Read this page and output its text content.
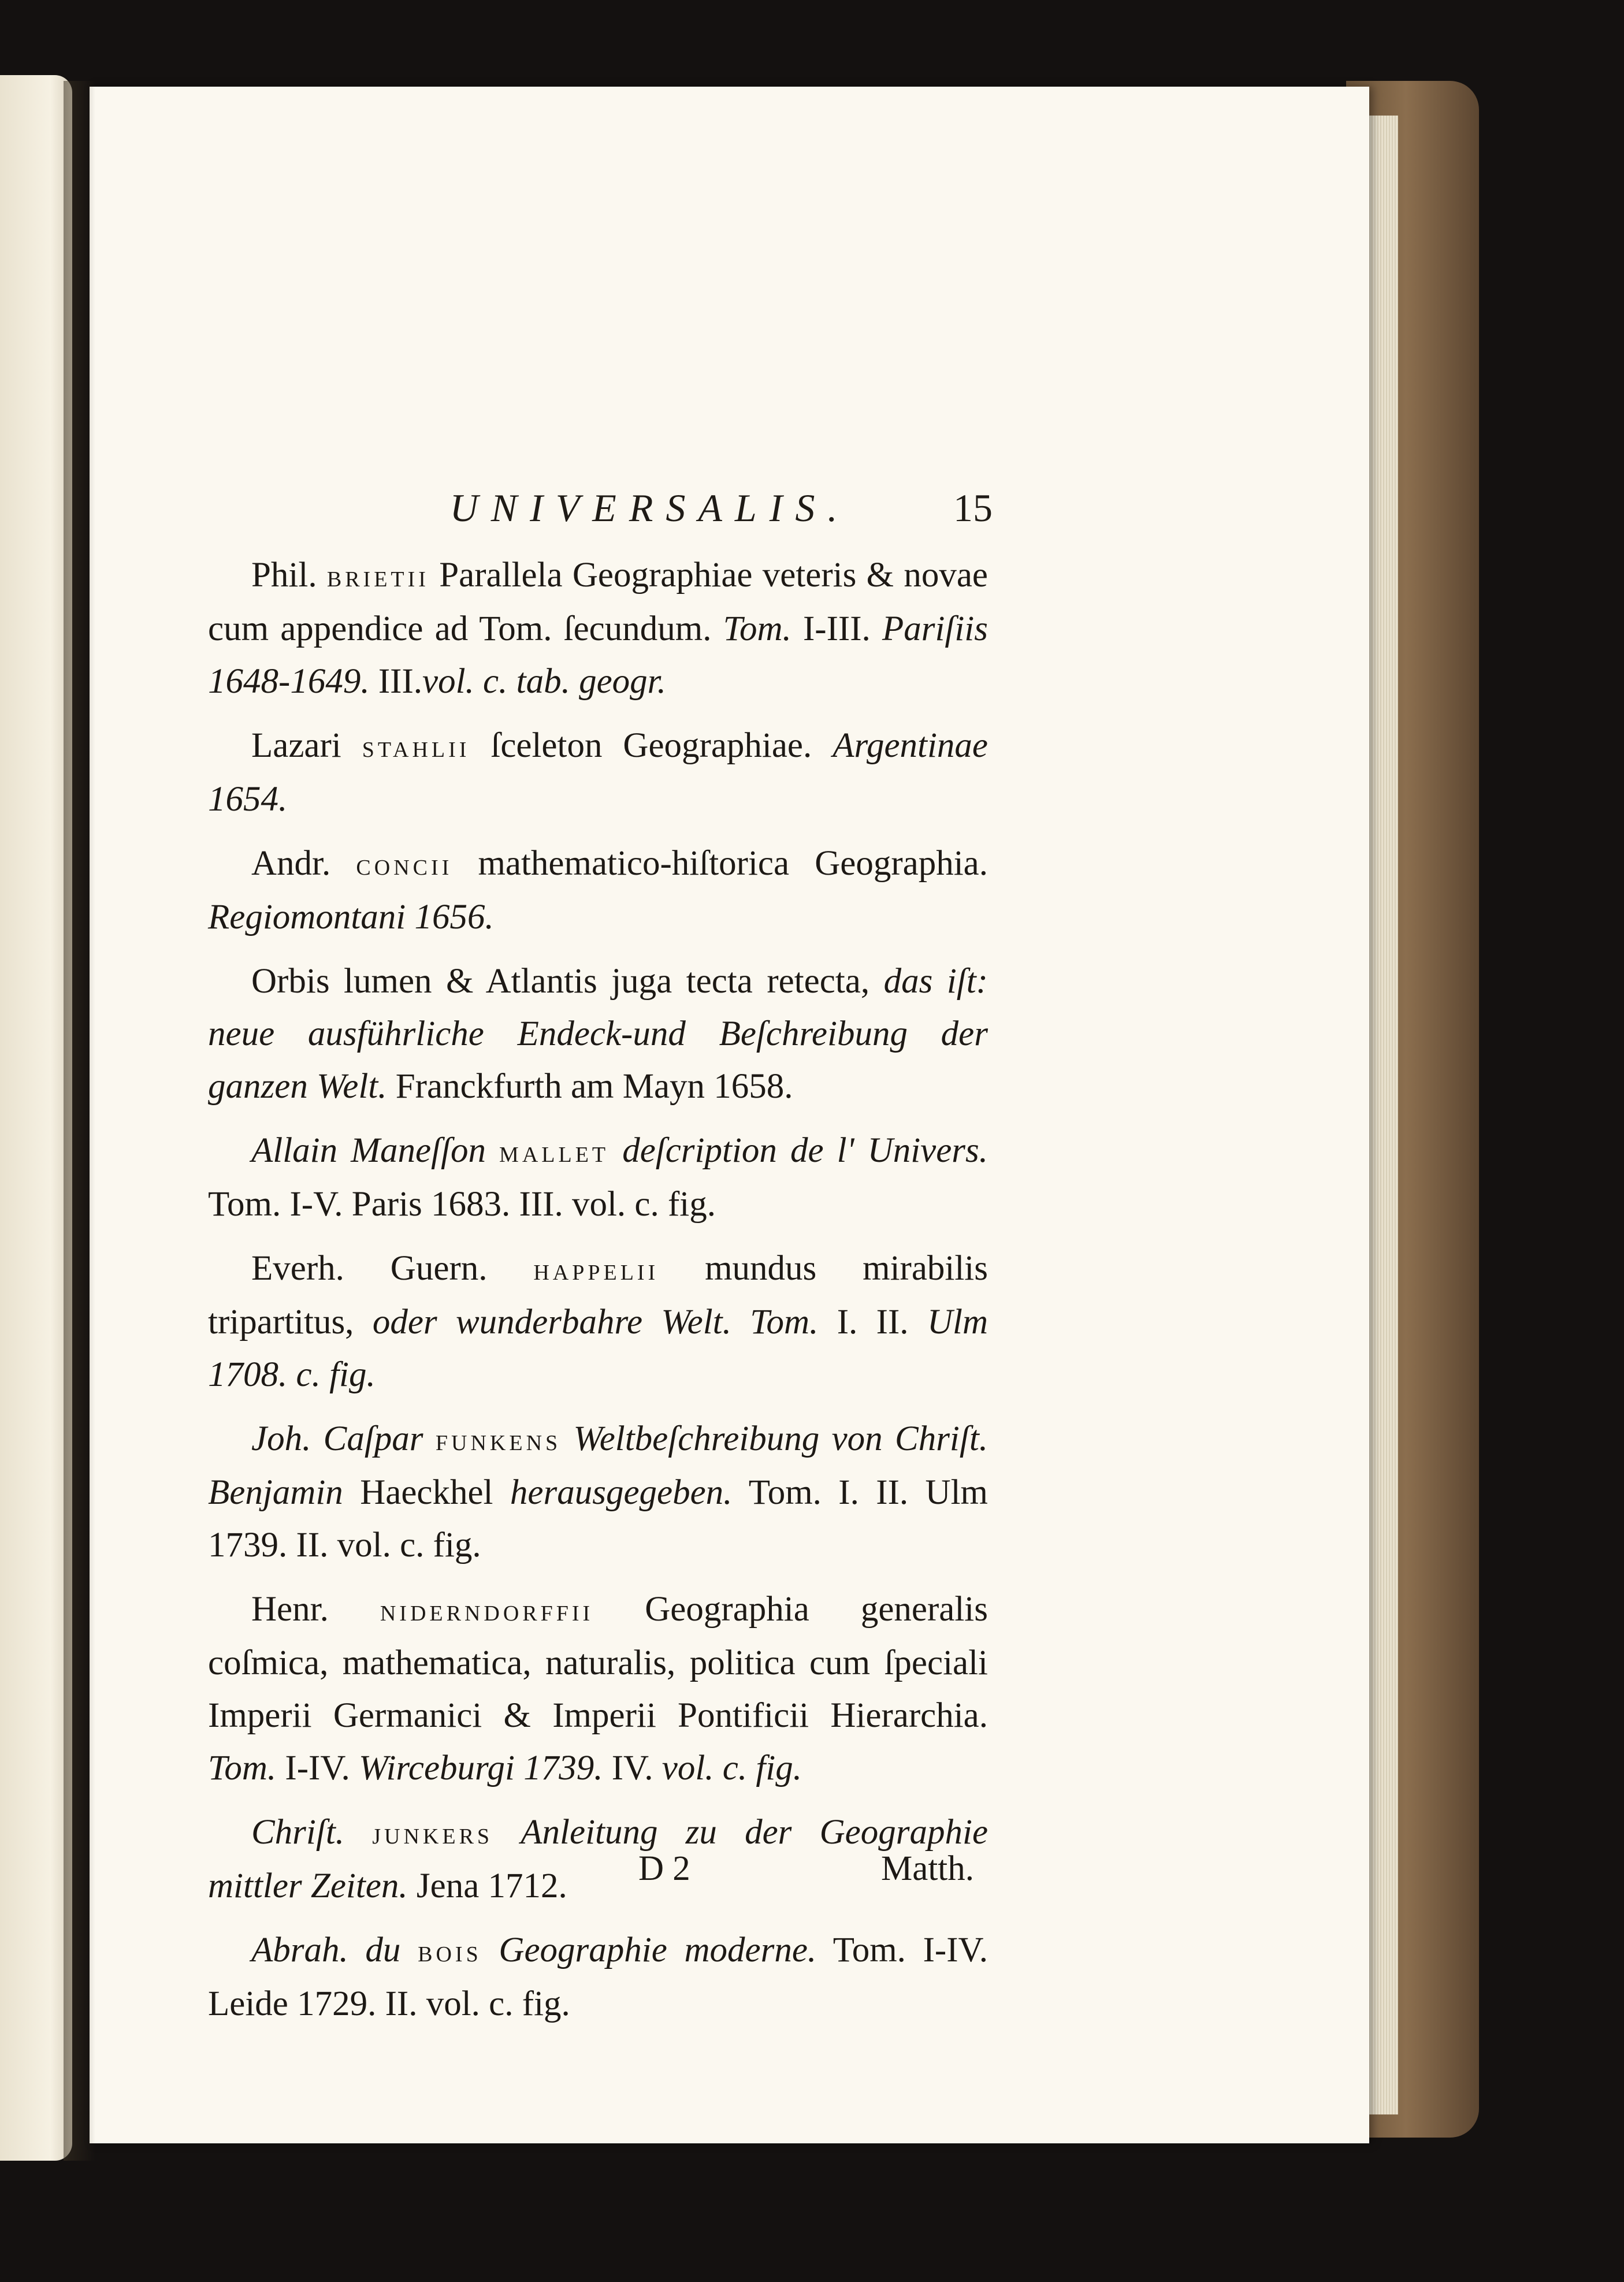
UNIVERSALIS.	15

Phil. brietii Parallela Geographiae veteris & novae cum appendice ad Tom. ſecundum. Tom. I-III. Pariſiis 1648-1649. III.vol. c. tab. geogr.

Lazari stahlii ſceleton Geographiae. Argentinae 1654.

Andr. concii mathematico-hiſtorica Geographia. Regiomontani 1656.

Orbis lumen & Atlantis juga tecta retecta, das iſt: neue ausführliche Endeck-und Beſchreibung der ganzen Welt. Franckfurth am Mayn 1658.

Allain Maneſſon mallet deſcription de l' Univers. Tom. I-V. Paris 1683. III. vol. c. fig.

Everh. Guern. happelii mundus mirabilis tripartitus, oder wunderbahre Welt. Tom. I. II. Ulm 1708. c. fig.

Joh. Caſpar funkens Weltbeſchreibung von Chriſt. Benjamin Haeckhel herausgegeben. Tom. I. II. Ulm 1739. II. vol. c. fig.

Henr. niderndorffii Geographia generalis coſmica, mathematica, naturalis, politica cum ſpeciali Imperii Germanici & Imperii Pontificii Hierarchia. Tom. I-IV. Wirceburgi 1739. IV. vol. c. fig.

Chriſt. junkers Anleitung zu der Geographie mittler Zeiten. Jena 1712.

Abrah. du bois Geographie moderne. Tom. I-IV. Leide 1729. II. vol. c. fig.

D 2	Matth.
